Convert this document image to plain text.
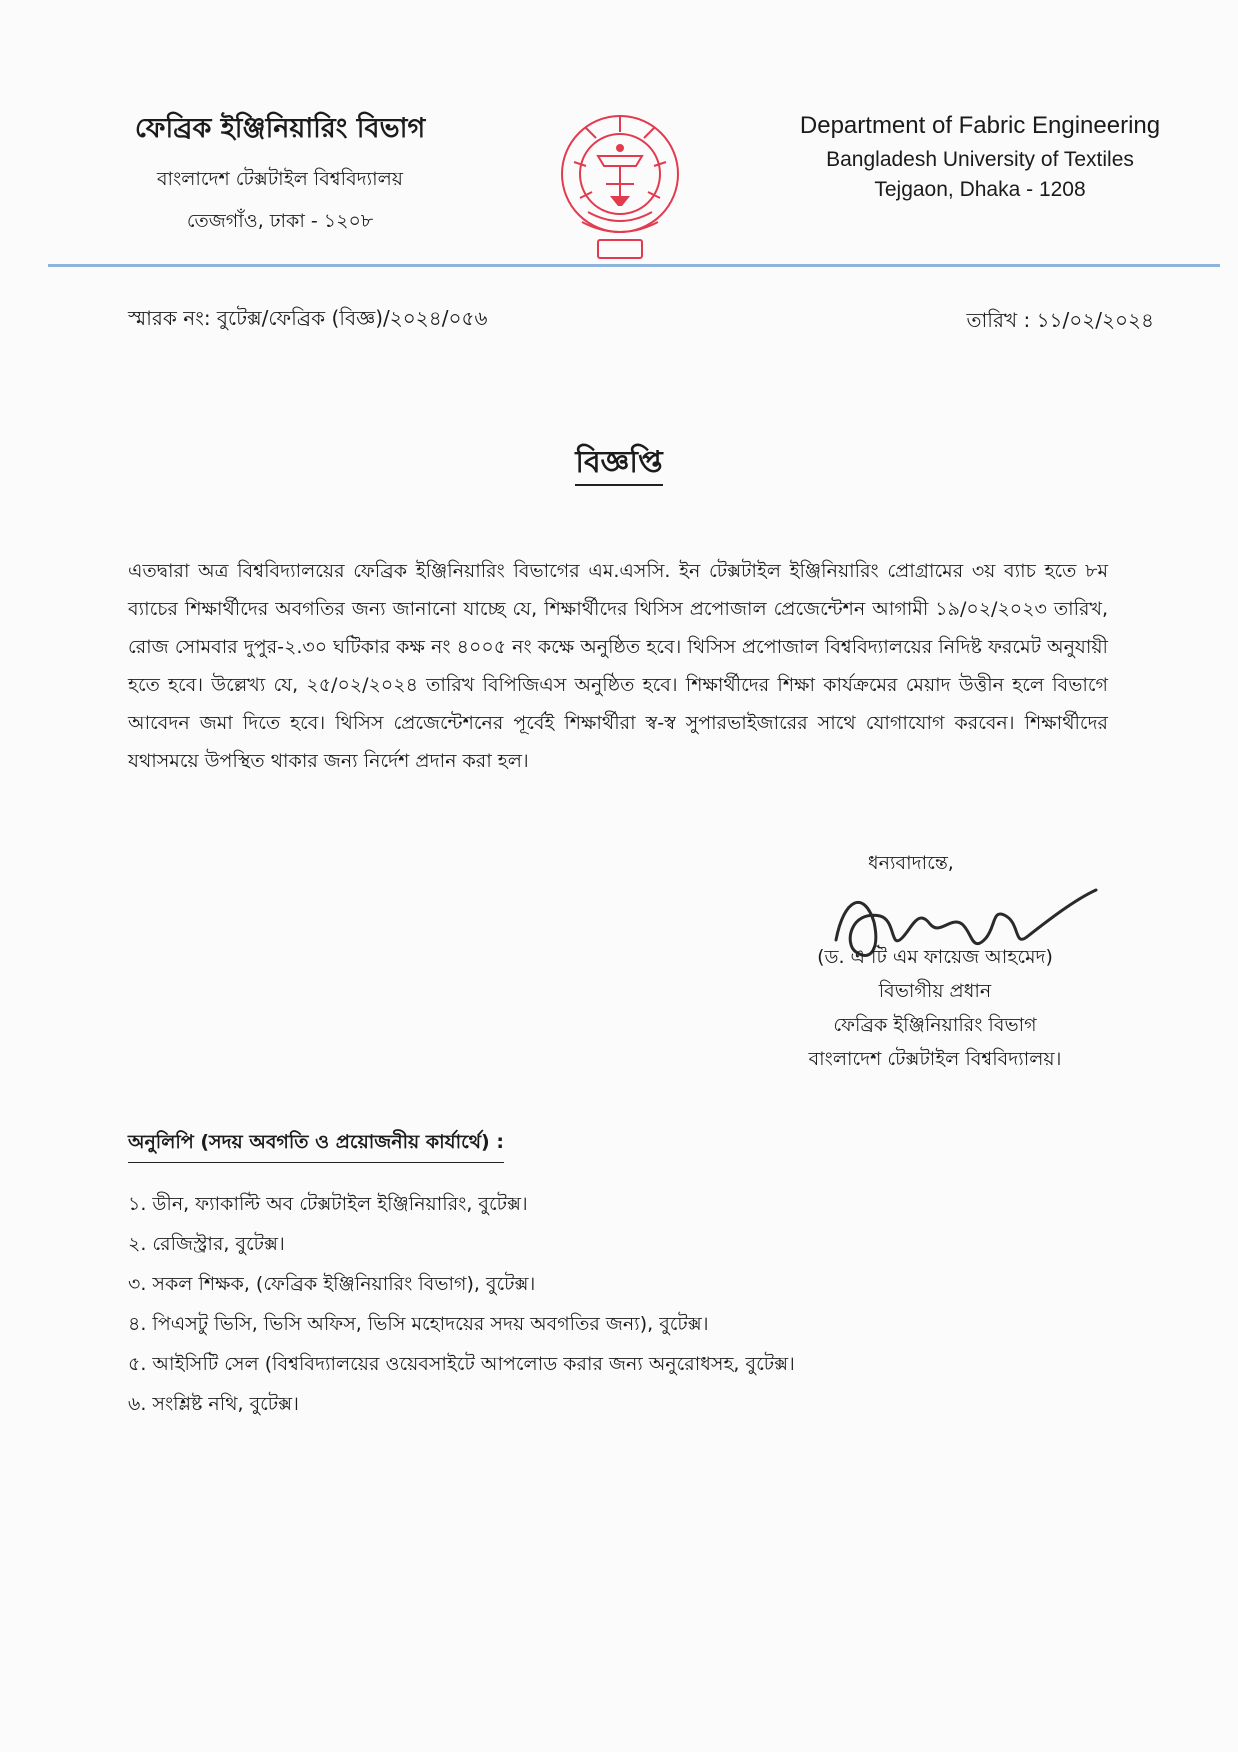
ফেব্রিক ইঞ্জিনিয়ারিং বিভাগ
বাংলাদেশ টেক্সটাইল বিশ্ববিদ্যালয়
তেজগাঁও, ঢাকা - ১২০৮
Department of Fabric Engineering
Bangladesh University of Textiles
Tejgaon, Dhaka - 1208
স্মারক নং: বুটেক্স/ফেব্রিক (বিজ্ঞ)/২০২৪/০৫৬	তারিখ : ১১/০২/২০২৪
বিজ্ঞপ্তি
এতদ্বারা অত্র বিশ্ববিদ্যালয়ের ফেব্রিক ইঞ্জিনিয়ারিং বিভাগের এম.এসসি. ইন টেক্সটাইল ইঞ্জিনিয়ারিং প্রোগ্রামের ৩য় ব্যাচ হতে ৮ম ব্যাচের শিক্ষার্থীদের অবগতির জন্য জানানো যাচ্ছে যে, শিক্ষার্থীদের থিসিস প্রপোজাল প্রেজেন্টেশন আগামী ১৯/০২/২০২৩ তারিখ, রোজ সোমবার দুপুর-২.৩০ ঘটিকার কক্ষ নং ৪০০৫ নং কক্ষে অনুষ্ঠিত হবে। থিসিস প্রপোজাল বিশ্ববিদ্যালয়ের নিদিষ্ট ফরমেট অনুযায়ী হতে হবে। উল্লেখ্য যে, ২৫/০২/২০২৪ তারিখ বিপিজিএস অনুষ্ঠিত হবে। শিক্ষার্থীদের শিক্ষা কার্যক্রমের মেয়াদ উত্তীন হলে বিভাগে আবেদন জমা দিতে হবে। থিসিস প্রেজেন্টেশনের পূর্বেই শিক্ষার্থীরা স্ব-স্ব সুপারভাইজারের সাথে যোগাযোগ করবেন। শিক্ষার্থীদের যথাসময়ে উপস্থিত থাকার জন্য নির্দেশ প্রদান করা হল।
ধন্যবাদান্তে,
(ড. এ টি এম ফায়েজ আহমেদ)
বিভাগীয় প্রধান
ফেব্রিক ইঞ্জিনিয়ারিং বিভাগ
বাংলাদেশ টেক্সটাইল বিশ্ববিদ্যালয়।
অনুলিপি (সদয় অবগতি ও প্রয়োজনীয় কার্যার্থে) :
১. ডীন, ফ্যাকাল্টি অব টেক্সটাইল ইঞ্জিনিয়ারিং, বুটেক্স।
২. রেজিস্ট্রার, বুটেক্স।
৩. সকল শিক্ষক, (ফেব্রিক ইঞ্জিনিয়ারিং বিভাগ), বুটেক্স।
৪. পিএসটু ভিসি, ভিসি অফিস, ভিসি মহোদয়ের সদয় অবগতির জন্য), বুটেক্স।
৫. আইসিটি সেল (বিশ্ববিদ্যালয়ের ওয়েবসাইটে আপলোড করার জন্য অনুরোধসহ, বুটেক্স।
৬. সংশ্লিষ্ট নথি, বুটেক্স।
